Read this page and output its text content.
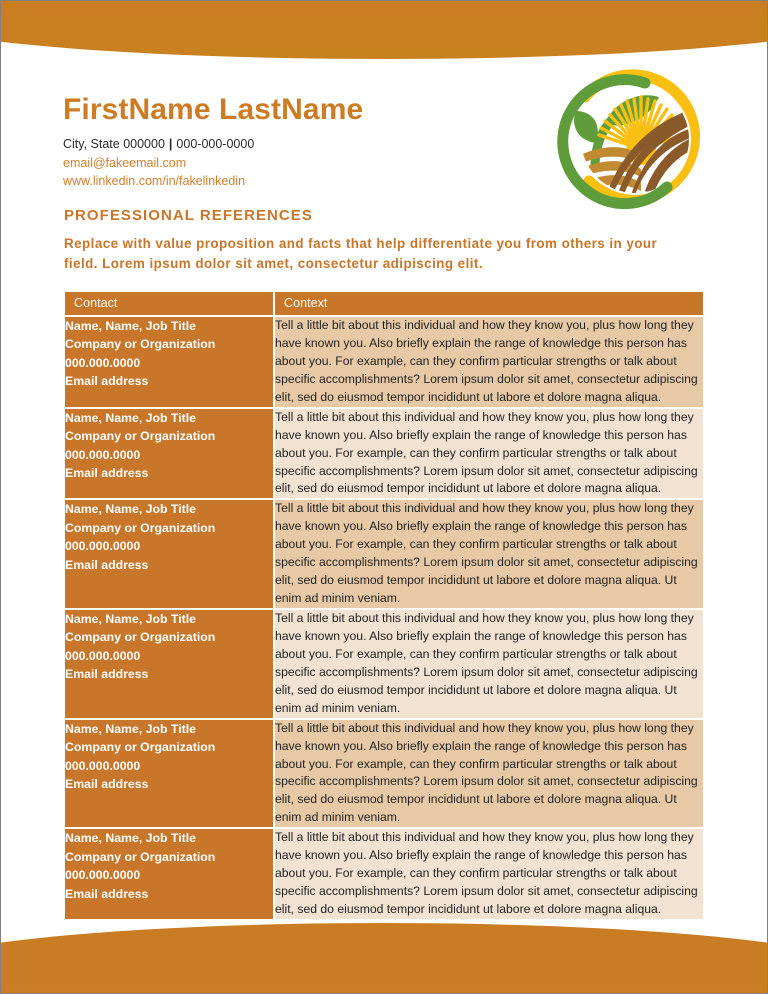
FirstName LastName
City, State 000000 | 000-000-0000
email@fakeemail.com
www.linkedin.com/in/fakelinkedin
PROFESSIONAL REFERENCES
Replace with value proposition and facts that help differentiate you from others in your field. Lorem ipsum dolor sit amet, consectetur adipiscing elit.
Contact	Context

Name, Name, Job Title
Company or Organization
000.000.0000
Email address
	Tell a little bit about this individual and how they know you, plus how long they have known you. Also briefly explain the range of knowledge this person has about you. For example, can they confirm particular strengths or talk about specific accomplishments? Lorem ipsum dolor sit amet, consectetur adipiscing elit, sed do eiusmod tempor incididunt ut labore et dolore magna aliqua.

Name, Name, Job Title
Company or Organization
000.000.0000
Email address
	Tell a little bit about this individual and how they know you, plus how long they have known you. Also briefly explain the range of knowledge this person has about you. For example, can they confirm particular strengths or talk about specific accomplishments? Lorem ipsum dolor sit amet, consectetur adipiscing elit, sed do eiusmod tempor incididunt ut labore et dolore magna aliqua.

Name, Name, Job Title
Company or Organization
000.000.0000
Email address
	Tell a little bit about this individual and how they know you, plus how long they have known you. Also briefly explain the range of knowledge this person has about you. For example, can they confirm particular strengths or talk about specific accomplishments? Lorem ipsum dolor sit amet, consectetur adipiscing elit, sed do eiusmod tempor incididunt ut labore et dolore magna aliqua. Ut enim ad minim veniam.

Name, Name, Job Title
Company or Organization
000.000.0000
Email address
	Tell a little bit about this individual and how they know you, plus how long they have known you. Also briefly explain the range of knowledge this person has about you. For example, can they confirm particular strengths or talk about specific accomplishments? Lorem ipsum dolor sit amet, consectetur adipiscing elit, sed do eiusmod tempor incididunt ut labore et dolore magna aliqua. Ut enim ad minim veniam.

Name, Name, Job Title
Company or Organization
000.000.0000
Email address
	Tell a little bit about this individual and how they know you, plus how long they have known you. Also briefly explain the range of knowledge this person has about you. For example, can they confirm particular strengths or talk about specific accomplishments? Lorem ipsum dolor sit amet, consectetur adipiscing elit, sed do eiusmod tempor incididunt ut labore et dolore magna aliqua. Ut enim ad minim veniam.

Name, Name, Job Title
Company or Organization
000.000.0000
Email address
	Tell a little bit about this individual and how they know you, plus how long they have known you. Also briefly explain the range of knowledge this person has about you. For example, can they confirm particular strengths or talk about specific accomplishments? Lorem ipsum dolor sit amet, consectetur adipiscing elit, sed do eiusmod tempor incididunt ut labore et dolore magna aliqua.
